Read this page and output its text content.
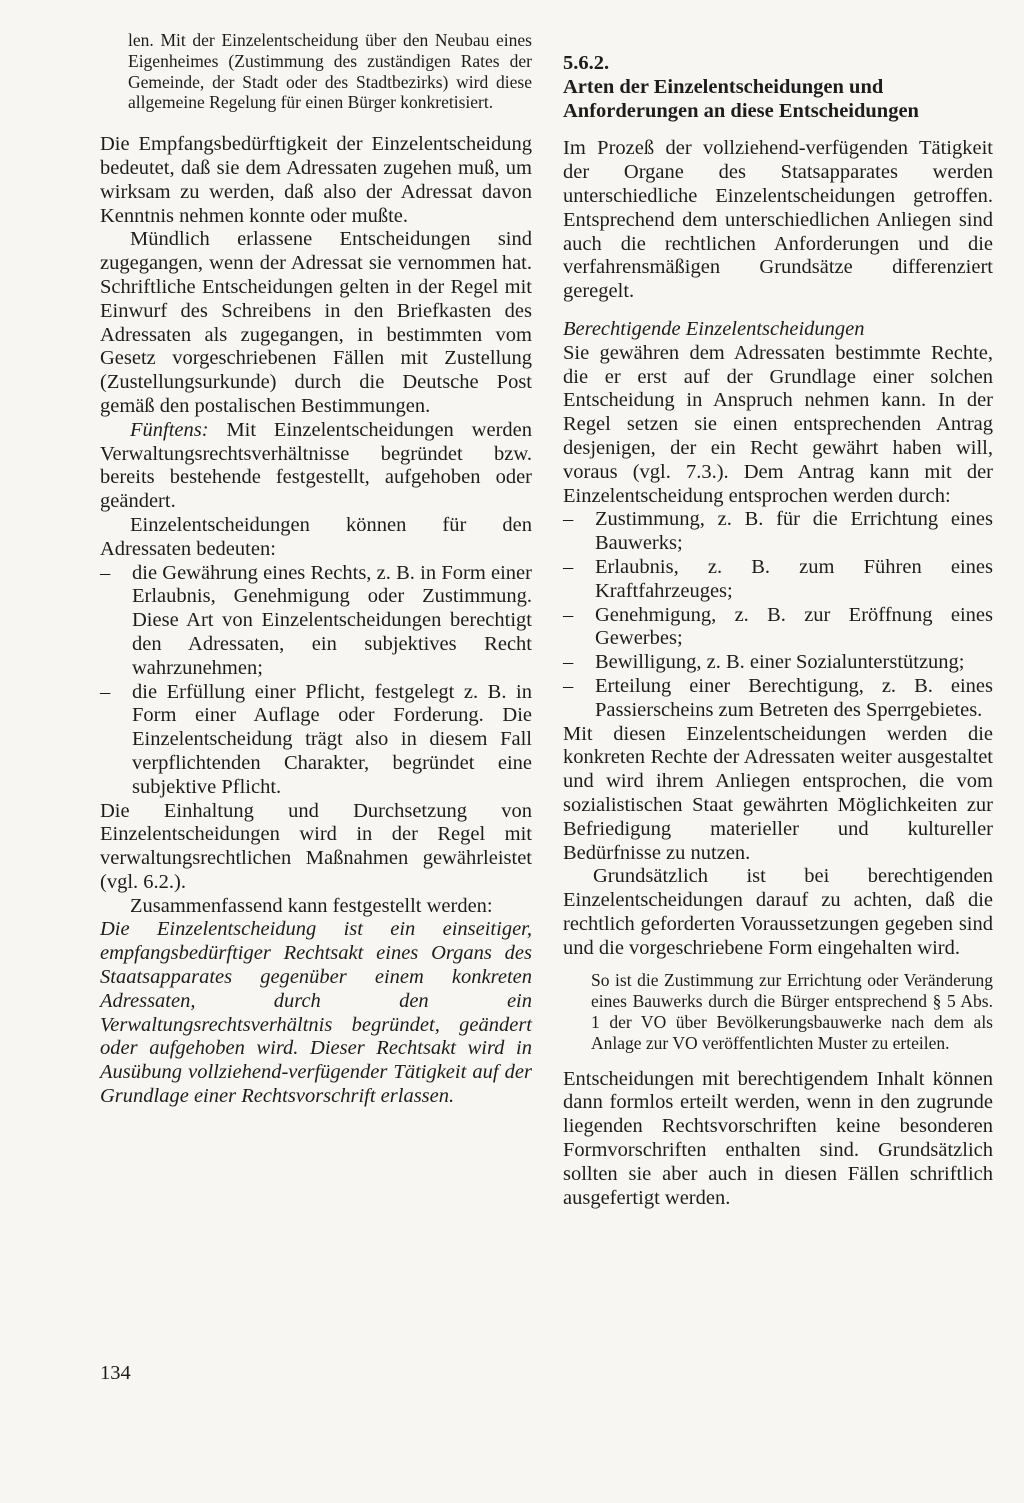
len. Mit der Einzelentscheidung über den Neubau eines Eigenheimes (Zustimmung des zuständigen Rates der Gemeinde, der Stadt oder des Stadtbezirks) wird diese allgemeine Regelung für einen Bürger konkretisiert.

Die Empfangsbedürftigkeit der Einzelentscheidung bedeutet, daß sie dem Adressaten zugehen muß, um wirksam zu werden, daß also der Adressat davon Kenntnis nehmen konnte oder mußte.

Mündlich erlassene Entscheidungen sind zugegangen, wenn der Adressat sie vernommen hat. Schriftliche Entscheidungen gelten in der Regel mit Einwurf des Schreibens in den Briefkasten des Adressaten als zugegangen, in bestimmten vom Gesetz vorgeschriebenen Fällen mit Zustellung (Zustellungsurkunde) durch die Deutsche Post gemäß den postalischen Bestimmungen.

Fünftens: Mit Einzelentscheidungen werden Verwaltungsrechtsverhältnisse begründet bzw. bereits bestehende festgestellt, aufgehoben oder geändert.

Einzelentscheidungen können für den Adressaten bedeuten:

–	die Gewährung eines Rechts, z. B. in Form einer Erlaubnis, Genehmigung oder Zustimmung. Diese Art von Einzelentscheidungen berechtigt den Adressaten, ein subjektives Recht wahrzunehmen;
–	die Erfüllung einer Pflicht, festgelegt z. B. in Form einer Auflage oder Forderung. Die Einzelentscheidung trägt also in diesem Fall verpflichtenden Charakter, begründet eine subjektive Pflicht.

Die Einhaltung und Durchsetzung von Einzelentscheidungen wird in der Regel mit verwaltungsrechtlichen Maßnahmen gewährleistet (vgl. 6.2.).

Zusammenfassend kann festgestellt werden:

Die Einzelentscheidung ist ein einseitiger, empfangsbedürftiger Rechtsakt eines Organs des Staatsapparates gegenüber einem konkreten Adressaten, durch den ein Verwaltungsrechtsverhältnis begründet, geändert oder aufgehoben wird. Dieser Rechtsakt wird in Ausübung vollziehend-verfügender Tätigkeit auf der Grundlage einer Rechtsvorschrift erlassen.

5.6.2.
Arten der Einzelentscheidungen und Anforderungen an diese Entscheidungen

Im Prozeß der vollziehend-verfügenden Tätigkeit der Organe des Statsapparates werden unterschiedliche Einzelentscheidungen getroffen. Entsprechend dem unterschiedlichen Anliegen sind auch die rechtlichen Anforderungen und die verfahrensmäßigen Grundsätze differenziert geregelt.

Berechtigende Einzelentscheidungen

Sie gewähren dem Adressaten bestimmte Rechte, die er erst auf der Grundlage einer solchen Entscheidung in Anspruch nehmen kann. In der Regel setzen sie einen entsprechenden Antrag desjenigen, der ein Recht gewährt haben will, voraus (vgl. 7.3.). Dem Antrag kann mit der Einzelentscheidung entsprochen werden durch:

–	Zustimmung, z. B. für die Errichtung eines Bauwerks;
–	Erlaubnis, z. B. zum Führen eines Kraftfahrzeuges;
–	Genehmigung, z. B. zur Eröffnung eines Gewerbes;
–	Bewilligung, z. B. einer Sozialunterstützung;
–	Erteilung einer Berechtigung, z. B. eines Passierscheins zum Betreten des Sperrgebietes.

Mit diesen Einzelentscheidungen werden die konkreten Rechte der Adressaten weiter ausgestaltet und wird ihrem Anliegen entsprochen, die vom sozialistischen Staat gewährten Möglichkeiten zur Befriedigung materieller und kultureller Bedürfnisse zu nutzen.

Grundsätzlich ist bei berechtigenden Einzelentscheidungen darauf zu achten, daß die rechtlich geforderten Voraussetzungen gegeben sind und die vorgeschriebene Form eingehalten wird.

So ist die Zustimmung zur Errichtung oder Veränderung eines Bauwerks durch die Bürger entsprechend § 5 Abs. 1 der VO über Bevölkerungsbauwerke nach dem als Anlage zur VO veröffentlichten Muster zu erteilen.

Entscheidungen mit berechtigendem Inhalt können dann formlos erteilt werden, wenn in den zugrunde liegenden Rechtsvorschriften keine besonderen Formvorschriften enthalten sind. Grundsätzlich sollten sie aber auch in diesen Fällen schriftlich ausgefertigt werden.

134
